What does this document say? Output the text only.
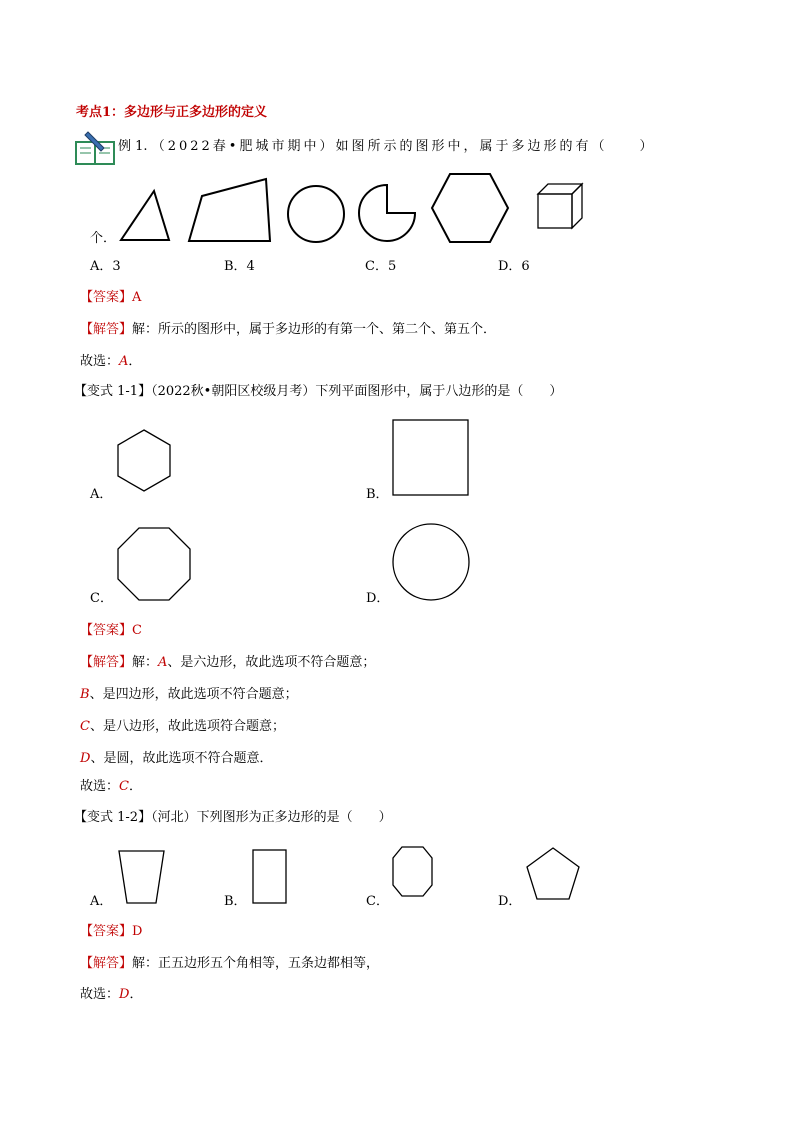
考点1：多边形与正多边形的定义
例 1. （2022春•肥城市期中）如图所示的图形中，属于多边形的有（　　）
个．
A．3	B．4	C．5	D．6
【答案】A
【解答】解：所示的图形中，属于多边形的有第一个、第二个、第五个．
故选：A．
【变式 1-1】（2022秋•朝阳区校级月考）下列平面图形中，属于八边形的是（　　）
A．	B．
C．	D．
【答案】C
【解答】解：A、是六边形，故此选项不符合题意；
B、是四边形，故此选项不符合题意；
C、是八边形，故此选项符合题意；
D、是圆，故此选项不符合题意．
故选：C．
【变式 1-2】（河北）下列图形为正多边形的是（　　）
A．	B．	C．	D．
【答案】D
【解答】解：正五边形五个角相等，五条边都相等，
故选：D．
